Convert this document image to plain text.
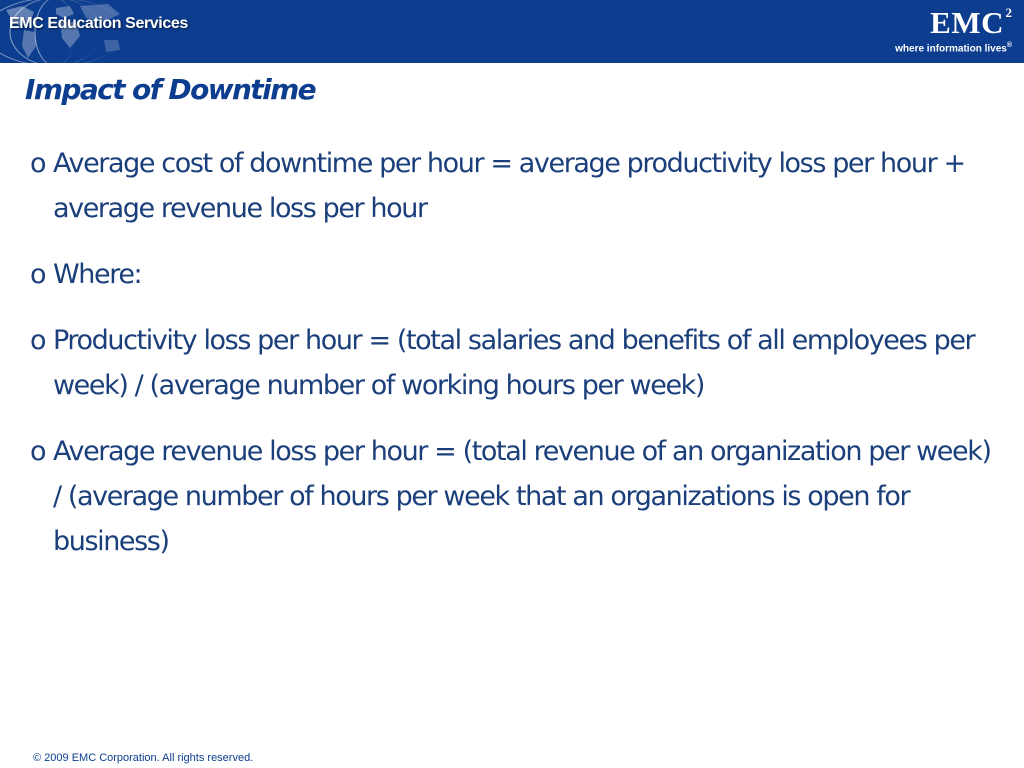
EMC Education Services	EMC 2
where information lives®
Impact of Downtime
o Average cost of downtime per hour = average productivity loss per hour + average revenue loss per hour
o Where:
o Productivity loss per hour = (total salaries and benefits of all employees per week) / (average number of working hours per week)
o Average revenue loss per hour = (total revenue of an organization per week) / (average number of hours per week that an organizations is open for business)
© 2009 EMC Corporation. All rights reserved.
